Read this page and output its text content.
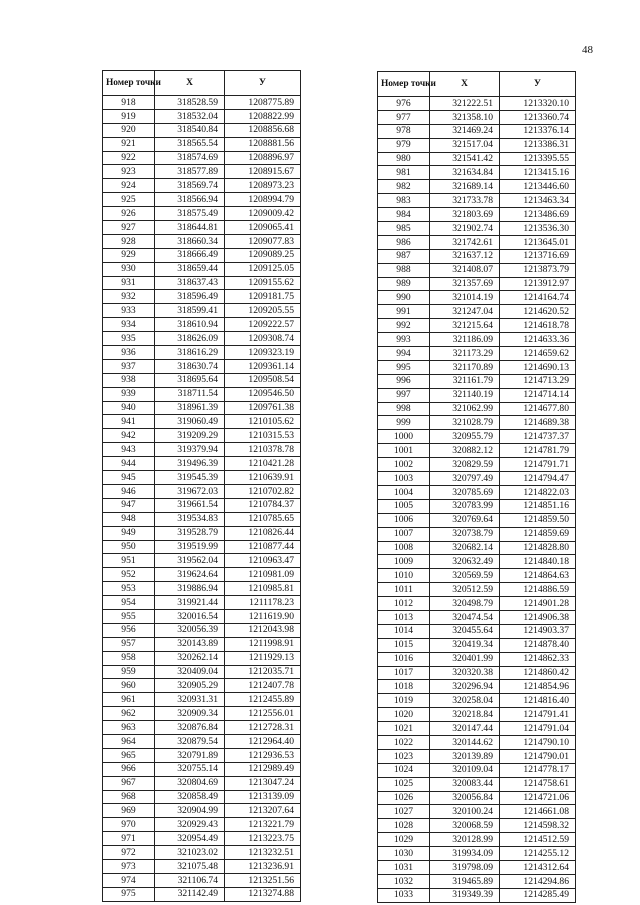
48
Номер точки	Х	У
918	318528.59	1208775.89
919	318532.04	1208822.99
920	318540.84	1208856.68
921	318565.54	1208881.56
922	318574.69	1208896.97
923	318577.89	1208915.67
924	318569.74	1208973.23
925	318566.94	1208994.79
926	318575.49	1209009.42
927	318644.81	1209065.41
928	318660.34	1209077.83
929	318666.49	1209089.25
930	318659.44	1209125.05
931	318637.43	1209155.62
932	318596.49	1209181.75
933	318599.41	1209205.55
934	318610.94	1209222.57
935	318626.09	1209308.74
936	318616.29	1209323.19
937	318630.74	1209361.14
938	318695.64	1209508.54
939	318711.54	1209546.50
940	318961.39	1209761.38
941	319060.49	1210105.62
942	319209.29	1210315.53
943	319379.94	1210378.78
944	319496.39	1210421.28
945	319545.39	1210639.91
946	319672.03	1210702.82
947	319661.54	1210784.37
948	319534.83	1210785.65
949	319528.79	1210826.44
950	319519.99	1210877.44
951	319562.04	1210963.47
952	319624.64	1210981.09
953	319886.94	1210985.81
954	319921.44	1211178.23
955	320016.54	1211619.90
956	320056.39	1212043.98
957	320143.89	1211998.91
958	320262.14	1211929.13
959	320409.04	1212035.71
960	320905.29	1212407.78
961	320931.31	1212455.89
962	320909.34	1212556.01
963	320876.84	1212728.31
964	320879.54	1212964.40
965	320791.89	1212936.53
966	320755.14	1212989.49
967	320804.69	1213047.24
968	320858.49	1213139.09
969	320904.99	1213207.64
970	320929.43	1213221.79
971	320954.49	1213223.75
972	321023.02	1213232.51
973	321075.48	1213236.91
974	321106.74	1213251.56
975	321142.49	1213274.88
Номер точки	Х	У
976	321222.51	1213320.10
977	321358.10	1213360.74
978	321469.24	1213376.14
979	321517.04	1213386.31
980	321541.42	1213395.55
981	321634.84	1213415.16
982	321689.14	1213446.60
983	321733.78	1213463.34
984	321803.69	1213486.69
985	321902.74	1213536.30
986	321742.61	1213645.01
987	321637.12	1213716.69
988	321408.07	1213873.79
989	321357.69	1213912.97
990	321014.19	1214164.74
991	321247.04	1214620.52
992	321215.64	1214618.78
993	321186.09	1214633.36
994	321173.29	1214659.62
995	321170.89	1214690.13
996	321161.79	1214713.29
997	321140.19	1214714.14
998	321062.99	1214677.80
999	321028.79	1214689.38
1000	320955.79	1214737.37
1001	320882.12	1214781.79
1002	320829.59	1214791.71
1003	320797.49	1214794.47
1004	320785.69	1214822.03
1005	320783.99	1214851.16
1006	320769.64	1214859.50
1007	320738.79	1214859.69
1008	320682.14	1214828.80
1009	320632.49	1214840.18
1010	320569.59	1214864.63
1011	320512.59	1214886.59
1012	320498.79	1214901.28
1013	320474.54	1214906.38
1014	320455.64	1214903.37
1015	320419.34	1214878.40
1016	320401.99	1214862.33
1017	320320.38	1214860.42
1018	320296.94	1214854.96
1019	320258.04	1214816.40
1020	320218.84	1214791.41
1021	320147.44	1214791.04
1022	320144.62	1214790.10
1023	320139.89	1214790.01
1024	320109.04	1214778.17
1025	320083.44	1214758.61
1026	320056.84	1214721.06
1027	320100.24	1214661.08
1028	320068.59	1214598.32
1029	320128.99	1214512.59
1030	319934.09	1214255.12
1031	319798.09	1214312.64
1032	319465.89	1214294.86
1033	319349.39	1214285.49
